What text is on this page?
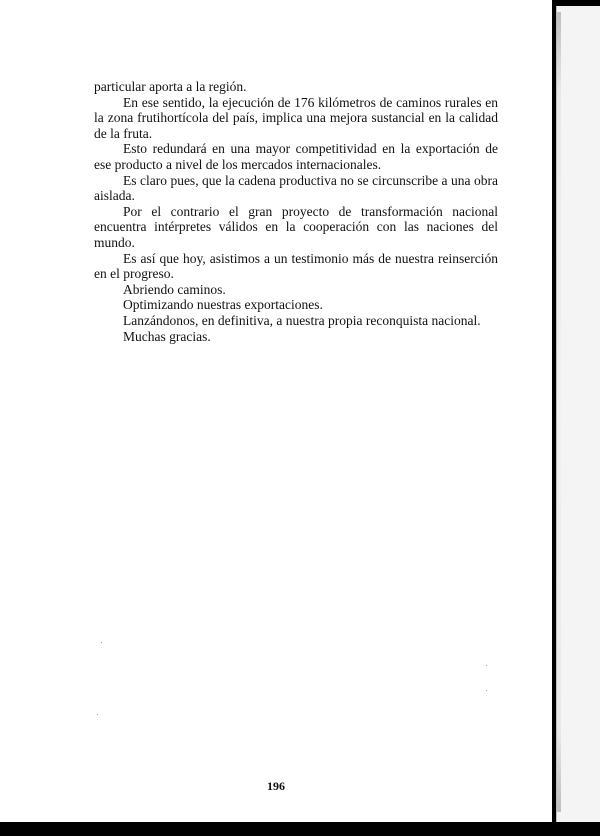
particular aporta a la región.

En ese sentido, la ejecución de 176 kilómetros de caminos rurales en la zona frutihortícola del país, implica una mejora sustancial en la calidad de la fruta.

Esto redundará en una mayor competitividad en la exportación de ese producto a nivel de los mercados internacionales.

Es claro pues, que la cadena productiva no se circunscribe a una obra aislada.

Por el contrario el gran proyecto de transformación nacional encuentra intérpretes válidos en la cooperación con las naciones del mundo.

Es así que hoy, asistimos a un testimonio más de nuestra reinserción en el progreso.

Abriendo caminos.

Optimizando nuestras exportaciones.

Lanzándonos, en definitiva, a nuestra propia reconquista nacional.

Muchas gracias.

196
